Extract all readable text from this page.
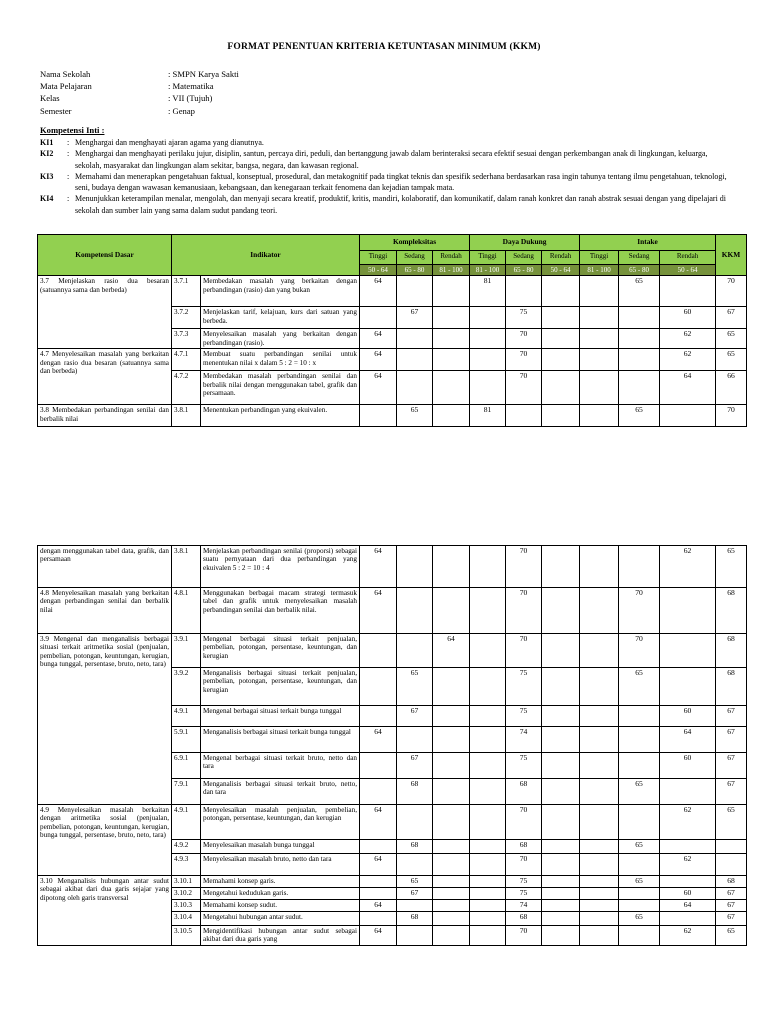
FORMAT PENENTUAN KRITERIA KETUNTASAN MINIMUM (KKM)
Nama Sekolah	: SMPN Karya Sakti
Mata Pelajaran	: Matematika
Kelas	: VII (Tujuh)
Semester	: Genap
Kompetensi Inti :
KI1	: Menghargai dan menghayati ajaran agama yang dianutnya.
KI2	: Menghargai dan menghayati perilaku jujur, disiplin, santun, percaya diri, peduli, dan bertanggung jawab dalam berinteraksi secara efektif sesuai dengan perkembangan anak di lingkungan, keluarga, sekolah, masyarakat dan lingkungan alam sekitar, bangsa, negara, dan kawasan regional.
KI3	: Memahami dan menerapkan pengetahuan faktual, konseptual, prosedural, dan metakognitif pada tingkat teknis dan spesifik sederhana berdasarkan rasa ingin tahunya tentang ilmu pengetahuan, teknologi, seni, budaya dengan wawasan kemanusiaan, kebangsaan, dan kenegaraan terkait fenomena dan kejadian tampak mata.
KI4	: Menunjukkan keterampilan menalar, mengolah, dan menyaji secara kreatif, produktif, kritis, mandiri, kolaboratif, dan komunikatif, dalam ranah konkret dan ranah abstrak sesuai dengan yang dipelajari di sekolah dan sumber lain yang sama dalam sudut pandang teori.
Kompetensi Dasar	Indikator		Kompleksitas			Daya Dukung			Intake			KKM
			Tinggi	Sedang	Rendah	Tinggi	Sedang	Rendah	Tinggi	Sedang	Rendah	
			50 - 64	65 - 80	81 - 100	81 - 100	65 - 80	50 - 64	81 - 100	65 - 80	50 - 64	
3.7 Menjelaskan rasio dua besaran (satuannya sama dan berbeda)	3.7.1	Membedakan masalah yang berkaitan dengan perbandingan (rasio) dan yang bukan	64			81				65		70
	3.7.2	Menjelaskan tarif, kelajuan, kurs dari satuan yang berbeda.		67			75				60	67
	3.7.3	Menyelesaikan masalah yang berkaitan dengan perbandingan (rasio).	64				70				62	65
4.7 Menyelesaikan masalah yang berkaitan dengan rasio dua besaran (satuannya sama dan berbeda)	4.7.1	Membuat suatu perbandingan senilai untuk menentukan nilai x dalam 5 : 2 = 10 : x	64				70				62	65
	4.7.2	Membedakan masalah perbandingan senilai dan berbalik nilai dengan menggunakan tabel, grafik dan persamaan.	64				70				64	66
3.8 Membedakan perbandingan senilai dan berbalik nilai	3.8.1	Menentukan perbandingan yang ekuivalen.		65		81				65		70
dengan menggunakan tabel data, grafik, dan persamaan	3.8.1	Menjelaskan perbandingan senilai (proporsi) sebagai suatu pernyataan dari dua perbandingan yang ekuivalen 5 : 2 = 10 : 4	64				70				62	65
4.8 Menyelesaikan masalah yang berkaitan dengan perbandingan senilai dan berbalik nilai	4.8.1	Menggunakan berbagai macam strategi termasuk tabel dan grafik untuk menyelesaikan masalah perbandingan senilai dan berbalik nilai.	64				70			70		68
3.9 Mengenal dan menganalisis berbagai situasi terkait aritmetika sosial (penjualan, pembelian, potongan, keuntungan, kerugian, bunga tunggal, persentase, bruto, neto, tara)	3.9.1	Mengenal berbagai situasi terkait penjualan, pembelian, potongan, persentase, keuntungan, dan kerugian			64		70			70		68
	3.9.2	Menganalisis berbagai situasi terkait penjualan, pembelian, potongan, persentase, keuntungan, dan kerugian		65			75			65		68
	4.9.1	Mengenal berbagai situasi terkait bunga tunggal		67			75				60	67
	5.9.1	Menganalisis berbagai situasi terkait bunga tunggal	64				74				64	67
	6.9.1	Mengenal berbagai situasi terkait bruto, netto dan tara		67			75				60	67
	7.9.1	Menganalisis berbagai situasi terkait bruto, netto, dan tara		68			68			65		67
4.9 Menyelesaikan masalah berkaitan dengan aritmetika sosial (penjualan, pembelian, potongan, keuntungan, kerugian, bunga tunggal, persentase, bruto, neto, tara)	4.9.1	Menyelesaikan masalah penjualan, pembelian, potongan, persentase, keuntungan, dan kerugian	64				70				62	65
	4.9.2	Menyelesaikan masalah bunga tunggal		68			68			65		
	4.9.3	Menyelesaikan masalah bruto, netto dan tara	64				70				62	
3.10 Menganalisis hubungan antar sudut sebagai akibat dari dua garis sejajar yang dipotong oleh garis transversal	3.10.1	Memahami konsep garis.		65			75			65		68
	3.10.2	Mengetahui kedudukan garis.		67			75				60	67
	3.10.3	Memahami konsep sudut.	64				74				64	67
	3.10.4	Mengetahui hubungan antar sudut.		68			68			65		67
	3.10.5	Mengidentifikasi hubungan antar sudut sebagai akibat dari dua garis yang	64				70				62	65
